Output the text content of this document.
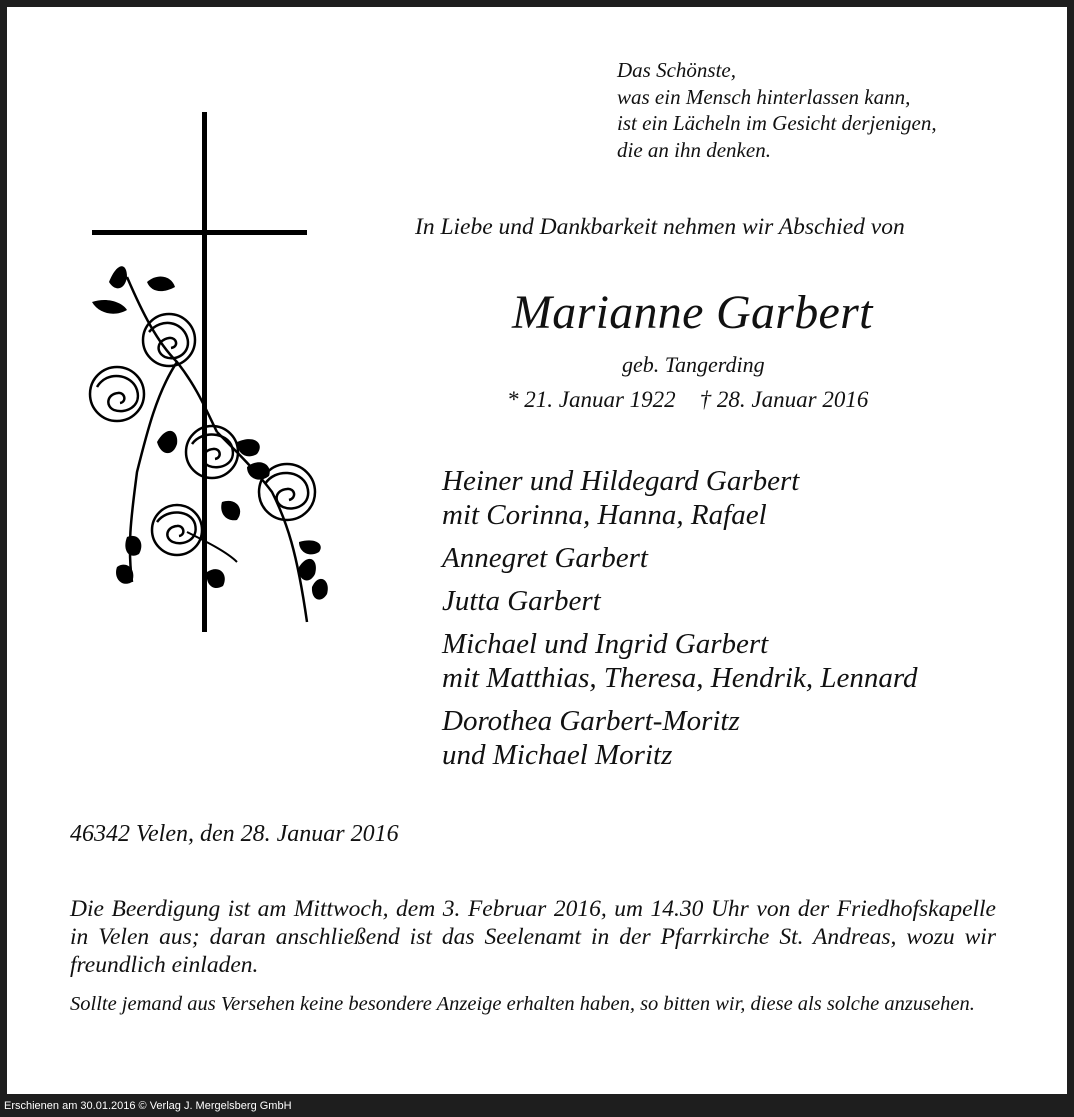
Das Schönste,
was ein Mensch hinterlassen kann,
ist ein Lächeln im Gesicht derjenigen,
die an ihn denken.

In Liebe und Dankbarkeit nehmen wir Abschied von

Marianne Garbert

geb. Tangerding

* 21. Januar 1922 † 28. Januar 2016

Heiner und Hildegard Garbert

mit Corinna, Hanna, Rafael

Annegret Garbert

Jutta Garbert

Michael und Ingrid Garbert

mit Matthias, Theresa, Hendrik, Lennard

Dorothea Garbert-Moritz

und Michael Moritz

46342 Velen, den 28. Januar 2016

Die Beerdigung ist am Mittwoch, dem 3. Februar 2016, um 14.30 Uhr von der Friedhofskapelle in Velen aus; daran anschließend ist das Seelenamt in der Pfarrkirche St. Andreas, wozu wir freundlich einladen.

Sollte jemand aus Versehen keine besondere Anzeige erhalten haben, so bitten wir, diese als solche anzusehen.

Erschienen am 30.01.2016 © Verlag J. Mergelsberg GmbH
